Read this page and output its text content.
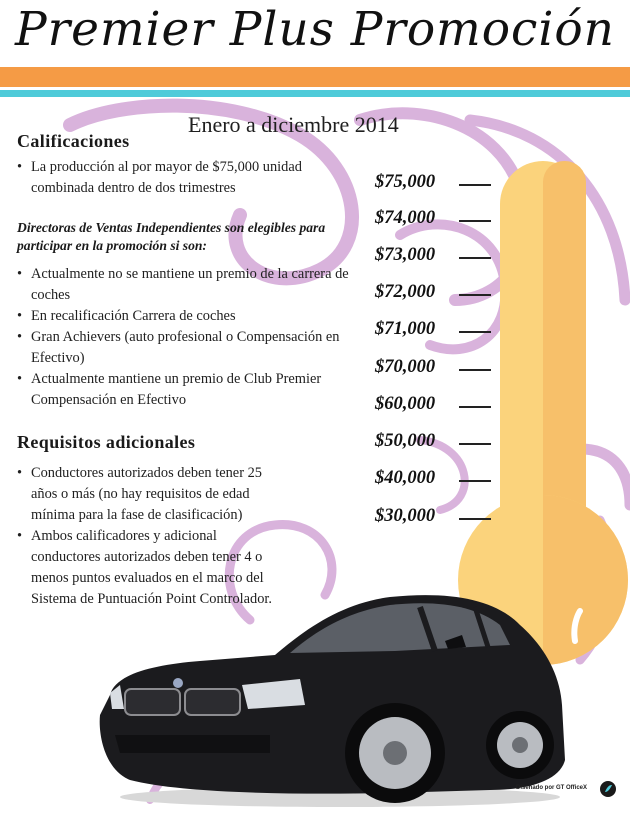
Premier Plus Promoción
Enero a diciembre 2014
Calificaciones
• La producción al por mayor de $75,000 unidad combinada dentro de dos trimestres
Directoras de Ventas Independientes son elegibles para participar en la promoción si son:
• Actualmente no se mantiene un premio de la carrera de coches
• En recalificación Carrera de coches
• Gran Achievers (auto profesional o Compensación en Efectivo)
• Actualmente mantiene un premio de Club Premier Compensación en Efectivo
Requisitos adicionales
• Conductores autorizados deben tener 25 años o más (no hay requisitos de edad mínima para la fase de clasificación)
• Ambos calificadores y adicional conductores autorizados deben tener 4 o menos puntos evaluados en el marco del Sistema de Puntuación Point Controlador.
$75,000
$74,000
$73,000
$72,000
$71,000
$70,000
$60,000
$50,000
$40,000
$30,000
Diseñado por GT OfficeX
